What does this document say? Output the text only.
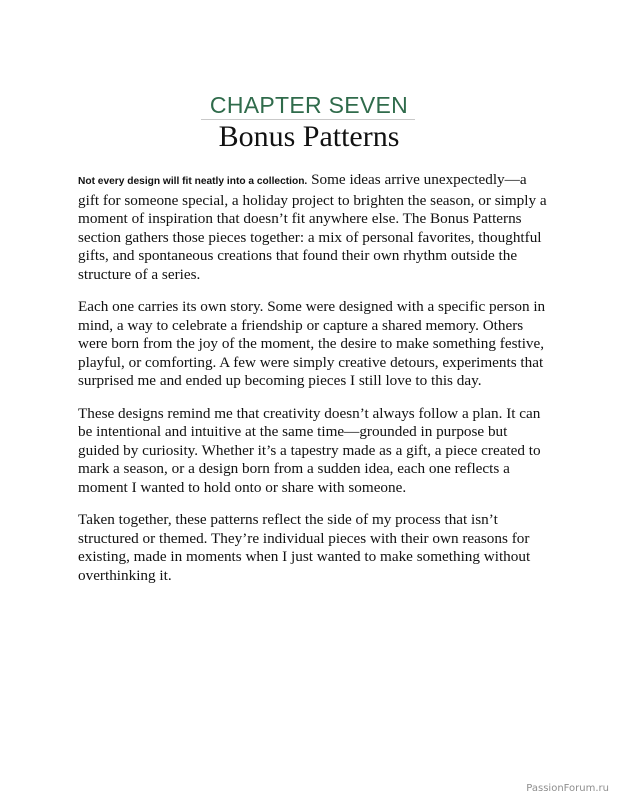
CHAPTER SEVEN
Bonus Patterns

Not every design will fit neatly into a collection. Some ideas arrive unexpectedly—a gift for someone special, a holiday project to brighten the season, or simply a moment of inspiration that doesn’t fit anywhere else. The Bonus Patterns section gathers those pieces together: a mix of personal favorites, thoughtful gifts, and spontaneous creations that found their own rhythm outside the structure of a series.

Each one carries its own story. Some were designed with a specific person in mind, a way to celebrate a friendship or capture a shared memory. Others were born from the joy of the moment, the desire to make something festive, playful, or comforting. A few were simply creative detours, experiments that surprised me and ended up becoming pieces I still love to this day.

These designs remind me that creativity doesn’t always follow a plan. It can be intentional and intuitive at the same time—grounded in purpose but guided by curiosity. Whether it’s a tapestry made as a gift, a piece created to mark a season, or a design born from a sudden idea, each one reflects a moment I wanted to hold onto or share with someone.

Taken together, these patterns reflect the side of my process that isn’t structured or themed. They’re individual pieces with their own reasons for existing, made in moments when I just wanted to make something without overthinking it.

PassionForum.ru
